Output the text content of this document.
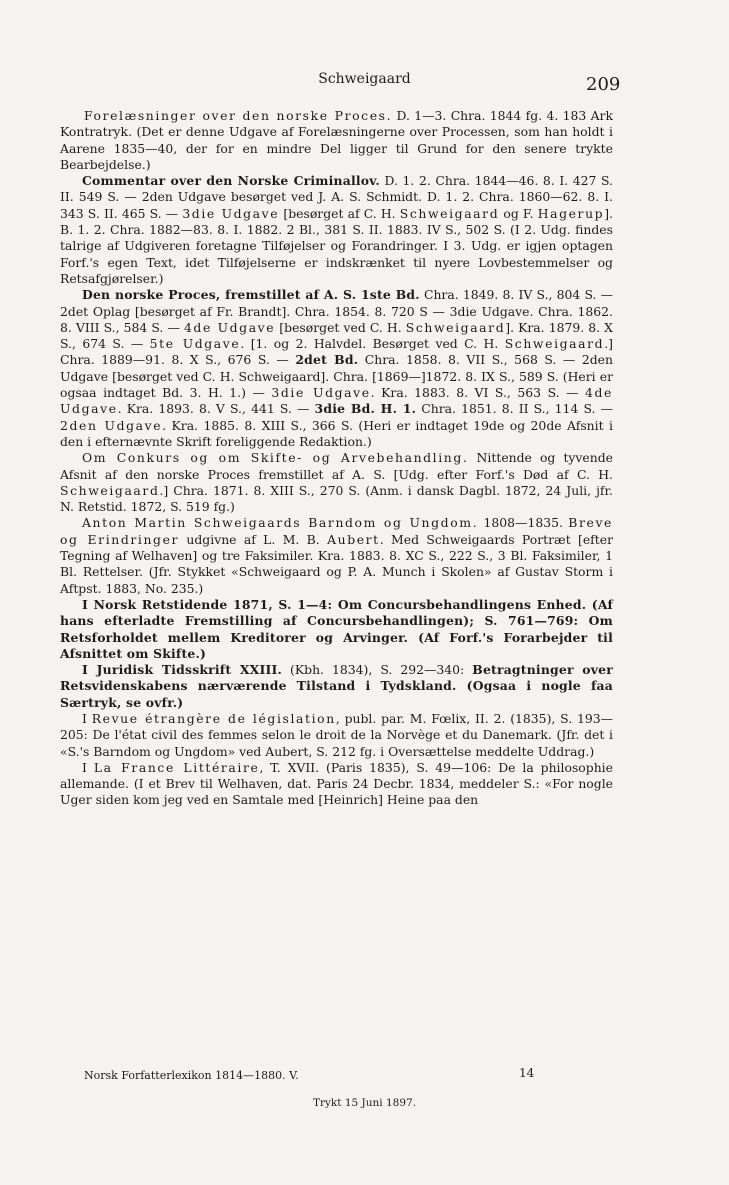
Schweigaard	209

Forelæsninger over den norske Proces. D. 1—3. Chra. 1844 fg. 4. 183 Ark Kontratryk. (Det er denne Udgave af Forelæsningerne over Processen, som han holdt i Aarene 1835—40, der for en mindre Del ligger til Grund for den senere trykte Bearbejdelse.)

Commentar over den Norske Criminallov. D. 1. 2. Chra. 1844—46. 8. I. 427 S. II. 549 S. — 2den Udgave besørget ved J. A. S. Schmidt. D. 1. 2. Chra. 1860—62. 8. I. 343 S. II. 465 S. — 3die Udgave [besørget af C. H. Schweigaard og F. Hagerup]. B. 1. 2. Chra. 1882—83. 8. I. 1882. 2 Bl., 381 S. II. 1883. IV S., 502 S. (I 2. Udg. findes talrige af Udgiveren foretagne Tilføjelser og Forandringer. I 3. Udg. er igjen optagen Forf.'s egen Text, idet Tilføjelserne er indskrænket til nyere Lovbestemmelser og Retsafgjørelser.)

Den norske Proces, fremstillet af A. S. 1ste Bd. Chra. 1849. 8. IV S., 804 S. — 2det Oplag [besørget af Fr. Brandt]. Chra. 1854. 8. 720 S — 3die Udgave. Chra. 1862. 8. VIII S., 584 S. — 4de Udgave [besørget ved C. H. Schweigaard]. Kra. 1879. 8. X S., 674 S. — 5te Udgave. [1. og 2. Halvdel. Besørget ved C. H. Schweigaard.] Chra. 1889—91. 8. X S., 676 S. — 2det Bd. Chra. 1858. 8. VII S., 568 S. — 2den Udgave [besørget ved C. H. Schweigaard]. Chra. [1869—]1872. 8. IX S., 589 S. (Heri er ogsaa indtaget Bd. 3. H. 1.) — 3die Udgave. Kra. 1883. 8. VI S., 563 S. — 4de Udgave. Kra. 1893. 8. V S., 441 S. — 3die Bd. H. 1. Chra. 1851. 8. II S., 114 S. — 2den Udgave. Kra. 1885. 8. XIII S., 366 S. (Heri er indtaget 19de og 20de Afsnit i den i efternævnte Skrift foreliggende Redaktion.)

Om Conkurs og om Skifte- og Arvebehandling. Nittende og tyvende Afsnit af den norske Proces fremstillet af A. S. [Udg. efter Forf.'s Død af C. H. Schweigaard.] Chra. 1871. 8. XIII S., 270 S. (Anm. i dansk Dagbl. 1872, 24 Juli, jfr. N. Retstid. 1872, S. 519 fg.)

Anton Martin Schweigaards Barndom og Ungdom. 1808—1835. Breve og Erindringer udgivne af L. M. B. Aubert. Med Schweigaards Portræt [efter Tegning af Welhaven] og tre Faksimiler. Kra. 1883. 8. XC S., 222 S., 3 Bl. Faksimiler, 1 Bl. Rettelser. (Jfr. Stykket «Schweigaard og P. A. Munch i Skolen» af Gustav Storm i Aftpst. 1883, No. 235.)

I Norsk Retstidende 1871, S. 1—4: Om Concursbehandlingens Enhed. (Af hans efterladte Fremstilling af Concursbehandlingen); S. 761—769: Om Retsforholdet mellem Kreditorer og Arvinger. (Af Forf.'s Forarbejder til Afsnittet om Skifte.)

I Juridisk Tidsskrift XXIII. (Kbh. 1834), S. 292—340: Betragtninger over Retsvidenskabens nærværende Tilstand i Tydskland. (Ogsaa i nogle faa Særtryk, se ovfr.)

I Revue étrangère de législation, publ. par. M. Fœlix, II. 2. (1835), S. 193—205: De l'état civil des femmes selon le droit de la Norvège et du Danemark. (Jfr. det i «S.'s Barndom og Ungdom» ved Aubert, S. 212 fg. i Oversættelse meddelte Uddrag.)

I La France Littéraire, T. XVII. (Paris 1835), S. 49—106: De la philosophie allemande. (I et Brev til Welhaven, dat. Paris 24 Decbr. 1834, meddeler S.: «For nogle Uger siden kom jeg ved en Samtale med [Heinrich] Heine paa den

Norsk Forfatterlexikon 1814—1880. V.	14
Trykt 15 Juni 1897.
